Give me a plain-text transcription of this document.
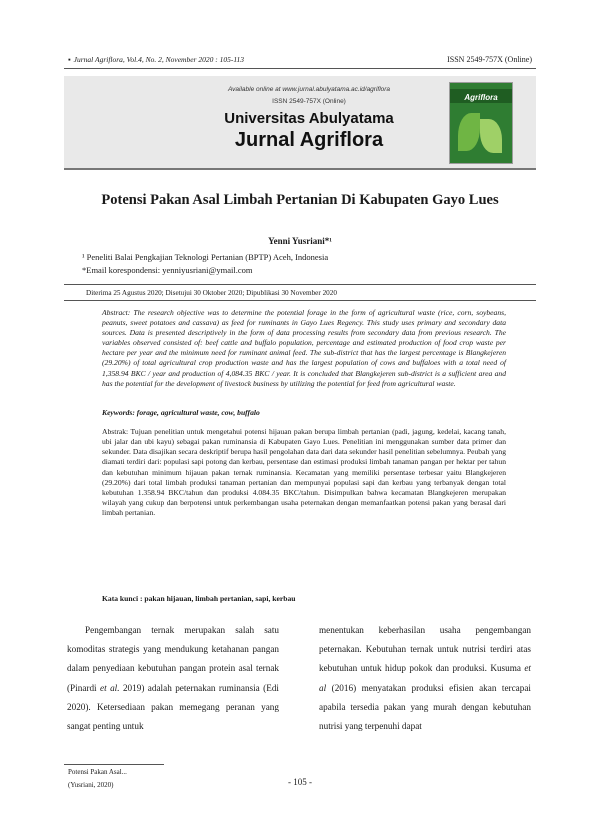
▪ Jurnal Agriflora, Vol.4, No. 2, November 2020 : 105-113	ISSN 2549-757X (Online)
Available online at www.jurnal.abulyatama.ac.id/agriflora
ISSN 2549-757X (Online)
Universitas Abulyatama
Jurnal Agriflora
Agriflora
Potensi Pakan Asal Limbah Pertanian Di Kabupaten Gayo Lues
Yenni Yusriani*¹
¹ Peneliti Balai Pengkajian Teknologi Pertanian (BPTP) Aceh, Indonesia
*Email korespondensi: yenniyusriani@ymail.com
Diterima 25 Agustus 2020; Disetujui 30 Oktober 2020; Dipublikasi 30 November 2020

Abstract: The research objective was to determine the potential forage in the form of agricultural waste (rice, corn, soybeans, peanuts, sweet potatoes and cassava) as feed for ruminants in Gayo Lues Regency. This study uses primary and secondary data sources. Data is presented descriptively in the form of data processing results from secondary data from previous research. The variables observed consisted of: beef cattle and buffalo population, percentage and estimated production of food crop waste per hectare per year and the minimum need for ruminant animal feed. The sub-district that has the largest percentage is Blangkejeren (29.20%) of total agricultural crop production waste and has the largest population of cows and buffaloes with a total need of 1,358.94 BKC / year and production of 4,084.35 BKC / year. It is concluded that Blangkejeren sub-district is a sufficient area and has the potential for the development of livestock business by utilizing the potential for feed from agricultural waste.

Keywords: forage, agricultural waste, cow, buffalo

Abstrak: Tujuan penelitian untuk mengetahui potensi hijauan pakan berupa limbah pertanian (padi, jagung, kedelai, kacang tanah, ubi jalar dan ubi kayu) sebagai pakan ruminansia di Kabupaten Gayo Lues. Penelitian ini menggunakan sumber data primer dan sekunder. Data disajikan secara deskriptif berupa hasil pengolahan data dari data sekunder hasil penelitian sebelumnya. Peubah yang diamati terdiri dari: populasi sapi potong dan kerbau, persentase dan estimasi produksi limbah tanaman pangan per hektar per tahun dan kebutuhan minimum hijauan pakan ternak ruminansia. Kecamatan yang memiliki persentase terbesar yaitu Blangkejeren (29.20%) dari total limbah produksi tanaman pertanian dan mempunyai populasi sapi dan kerbau yang terbanyak dengan total kebutuhan 1.358.94 BKC/tahun dan produksi 4.084.35 BKC/tahun. Disimpulkan bahwa kecamatan Blangkejeren merupakan wilayah yang cukup dan berpotensi untuk perkembangan usaha peternakan dengan memanfaatkan potensi pakan yang berasal dari limbah pertanian.

Kata kunci : pakan hijauan, limbah pertanian, sapi, kerbau

Pengembangan ternak merupakan salah satu komoditas strategis yang mendukung ketahanan pangan dalam penyediaan kebutuhan pangan protein asal ternak (Pinardi et al. 2019) adalah peternakan ruminansia (Edi 2020). Ketersediaan pakan memegang peranan yang sangat penting untuk

menentukan keberhasilan usaha pengembangan peternakan. Kebutuhan ternak untuk nutrisi terdiri atas kebutuhan untuk hidup pokok dan produksi. Kusuma et al (2016) menyatakan produksi efisien akan tercapai apabila tersedia pakan yang murah dengan kebutuhan nutrisi yang terpenuhi dapat

Potensi Pakan Asal...
(Yusriani, 2020)	- 105 -
